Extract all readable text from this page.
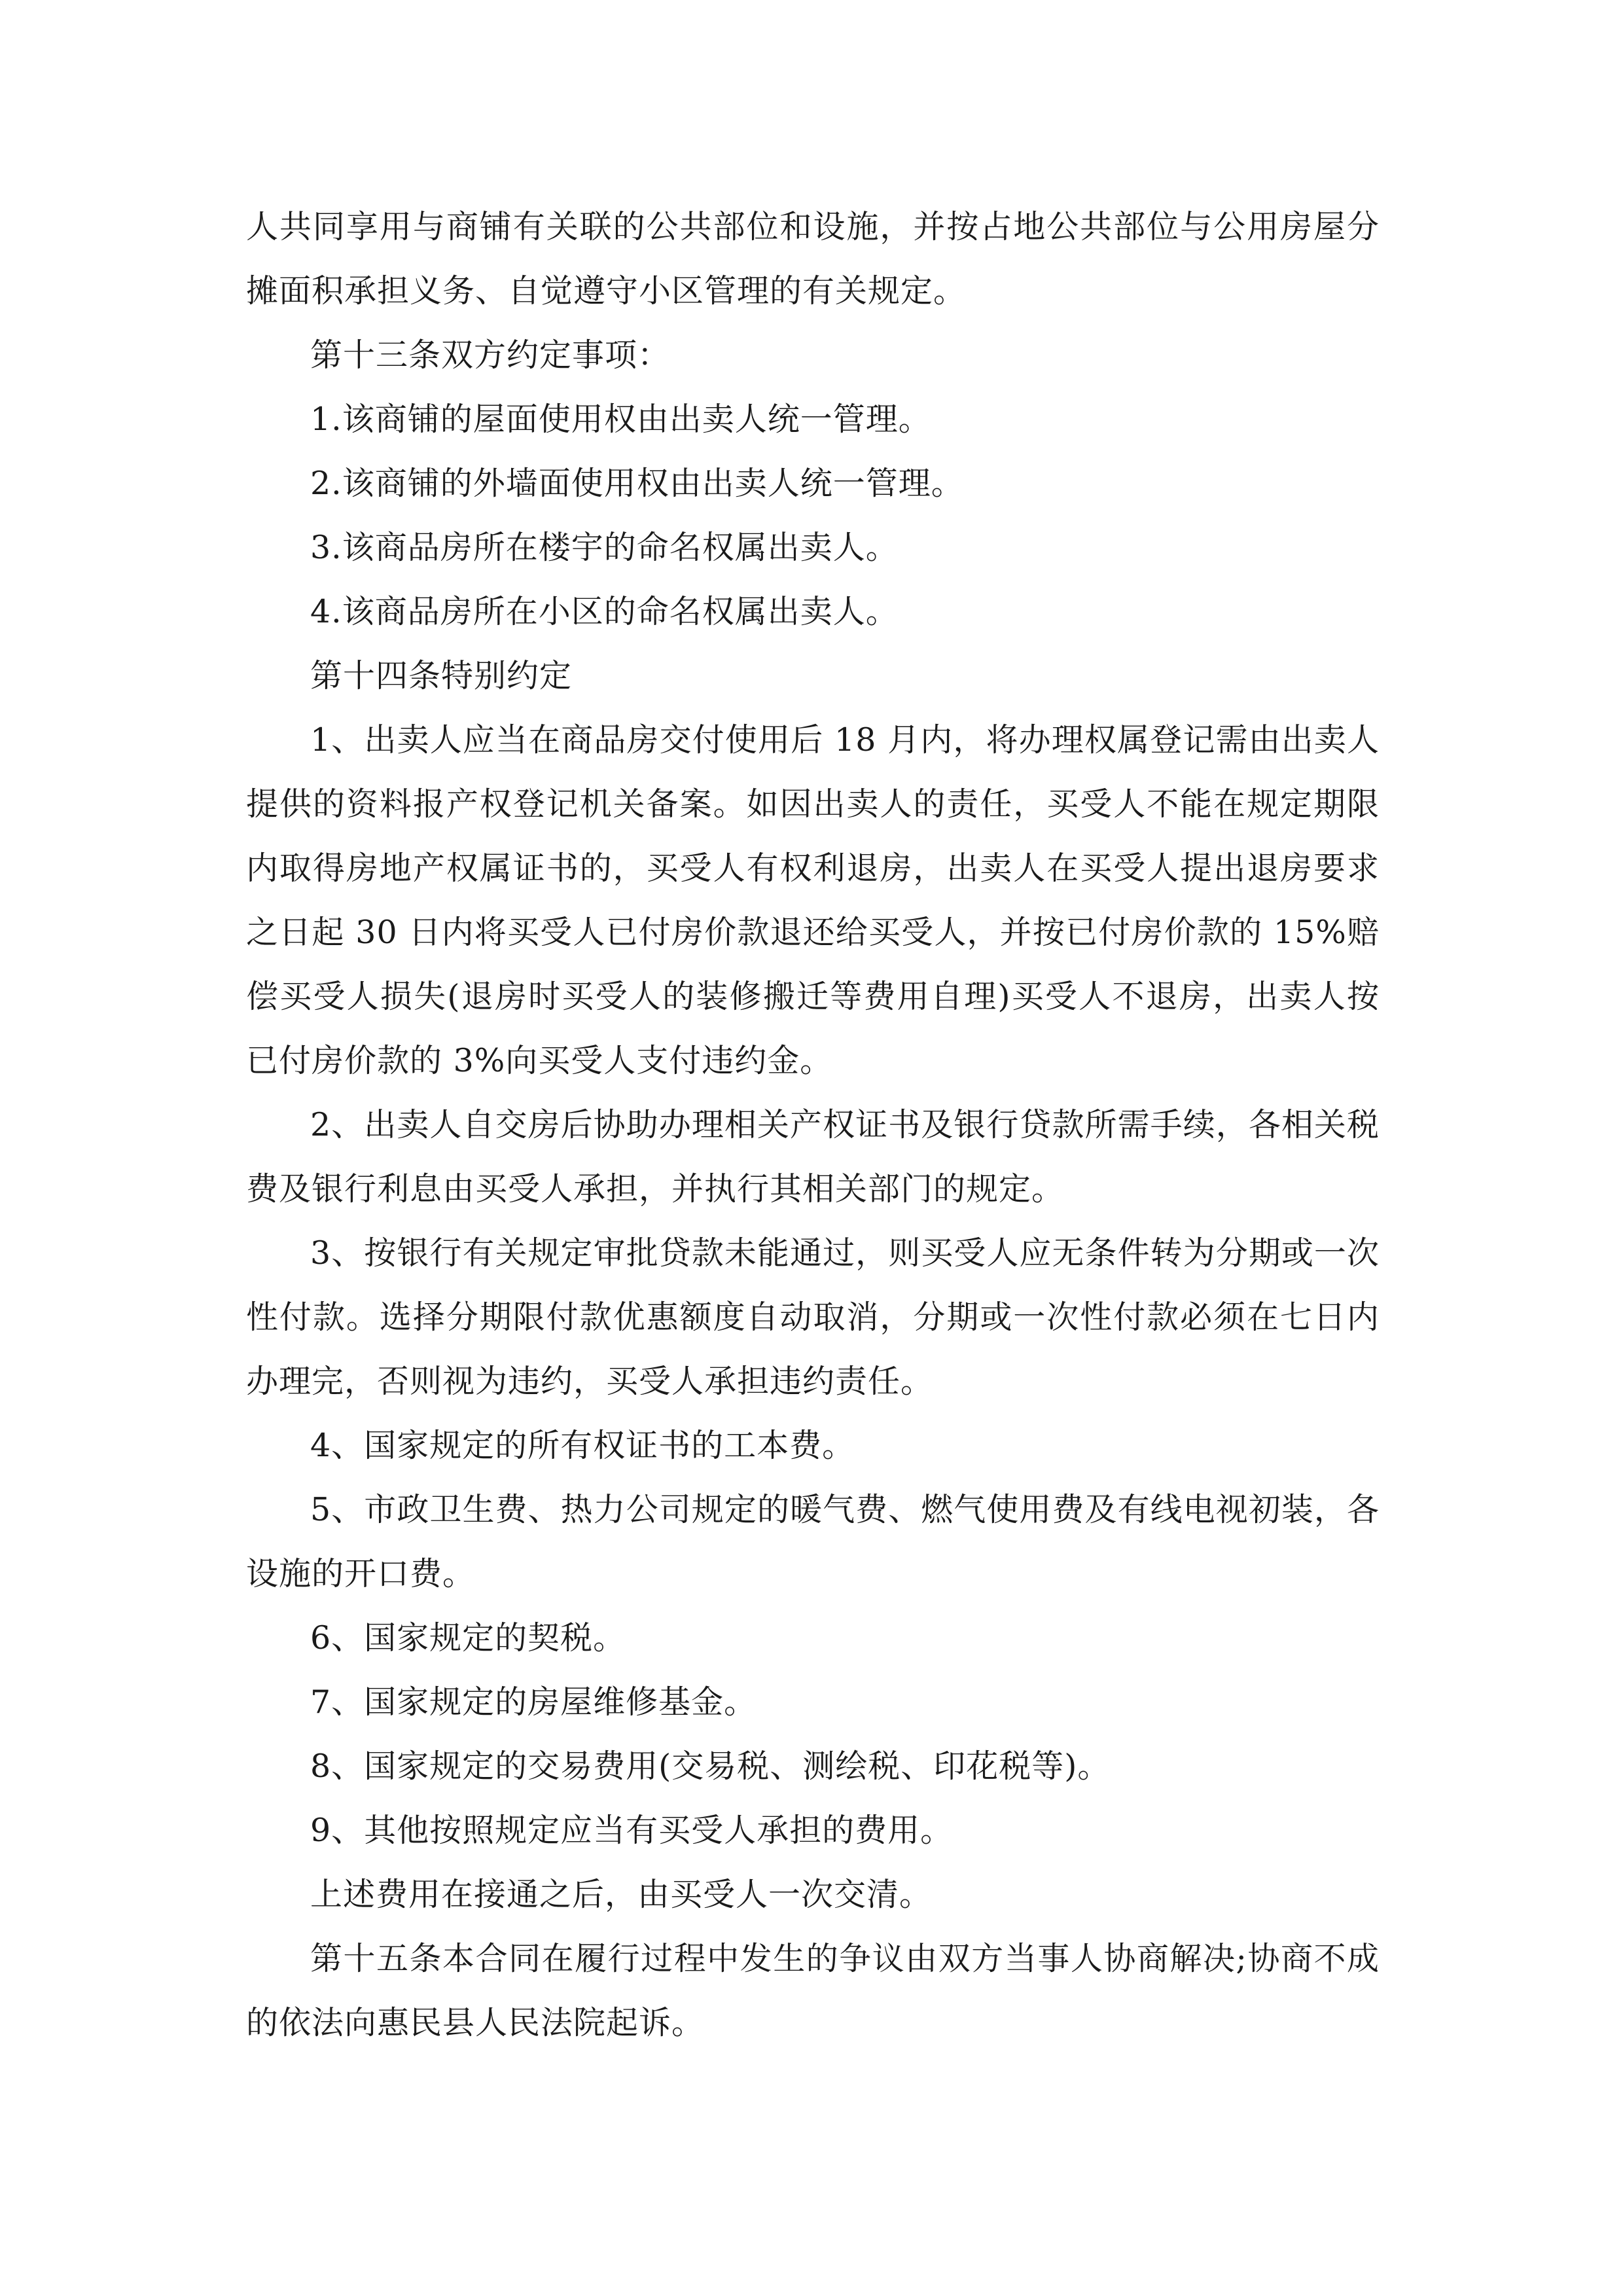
人共同享用与商铺有关联的公共部位和设施，并按占地公共部位与公用房屋分摊面积承担义务、自觉遵守小区管理的有关规定。

第十三条双方约定事项：

1.该商铺的屋面使用权由出卖人统一管理。

2.该商铺的外墙面使用权由出卖人统一管理。

3.该商品房所在楼宇的命名权属出卖人。

4.该商品房所在小区的命名权属出卖人。

第十四条特别约定

1、出卖人应当在商品房交付使用后 18 月内，将办理权属登记需由出卖人提供的资料报产权登记机关备案。如因出卖人的责任，买受人不能在规定期限内取得房地产权属证书的，买受人有权利退房，出卖人在买受人提出退房要求之日起 30 日内将买受人已付房价款退还给买受人，并按已付房价款的 15%赔偿买受人损失(退房时买受人的装修搬迁等费用自理)买受人不退房，出卖人按已付房价款的 3%向买受人支付违约金。

2、出卖人自交房后协助办理相关产权证书及银行贷款所需手续，各相关税费及银行利息由买受人承担，并执行其相关部门的规定。

3、按银行有关规定审批贷款未能通过，则买受人应无条件转为分期或一次性付款。选择分期限付款优惠额度自动取消，分期或一次性付款必须在七日内办理完，否则视为违约，买受人承担违约责任。

4、国家规定的所有权证书的工本费。

5、市政卫生费、热力公司规定的暖气费、燃气使用费及有线电视初装，各设施的开口费。

6、国家规定的契税。

7、国家规定的房屋维修基金。

8、国家规定的交易费用(交易税、测绘税、印花税等)。

9、其他按照规定应当有买受人承担的费用。

上述费用在接通之后，由买受人一次交清。

第十五条本合同在履行过程中发生的争议由双方当事人协商解决;协商不成的依法向惠民县人民法院起诉。
